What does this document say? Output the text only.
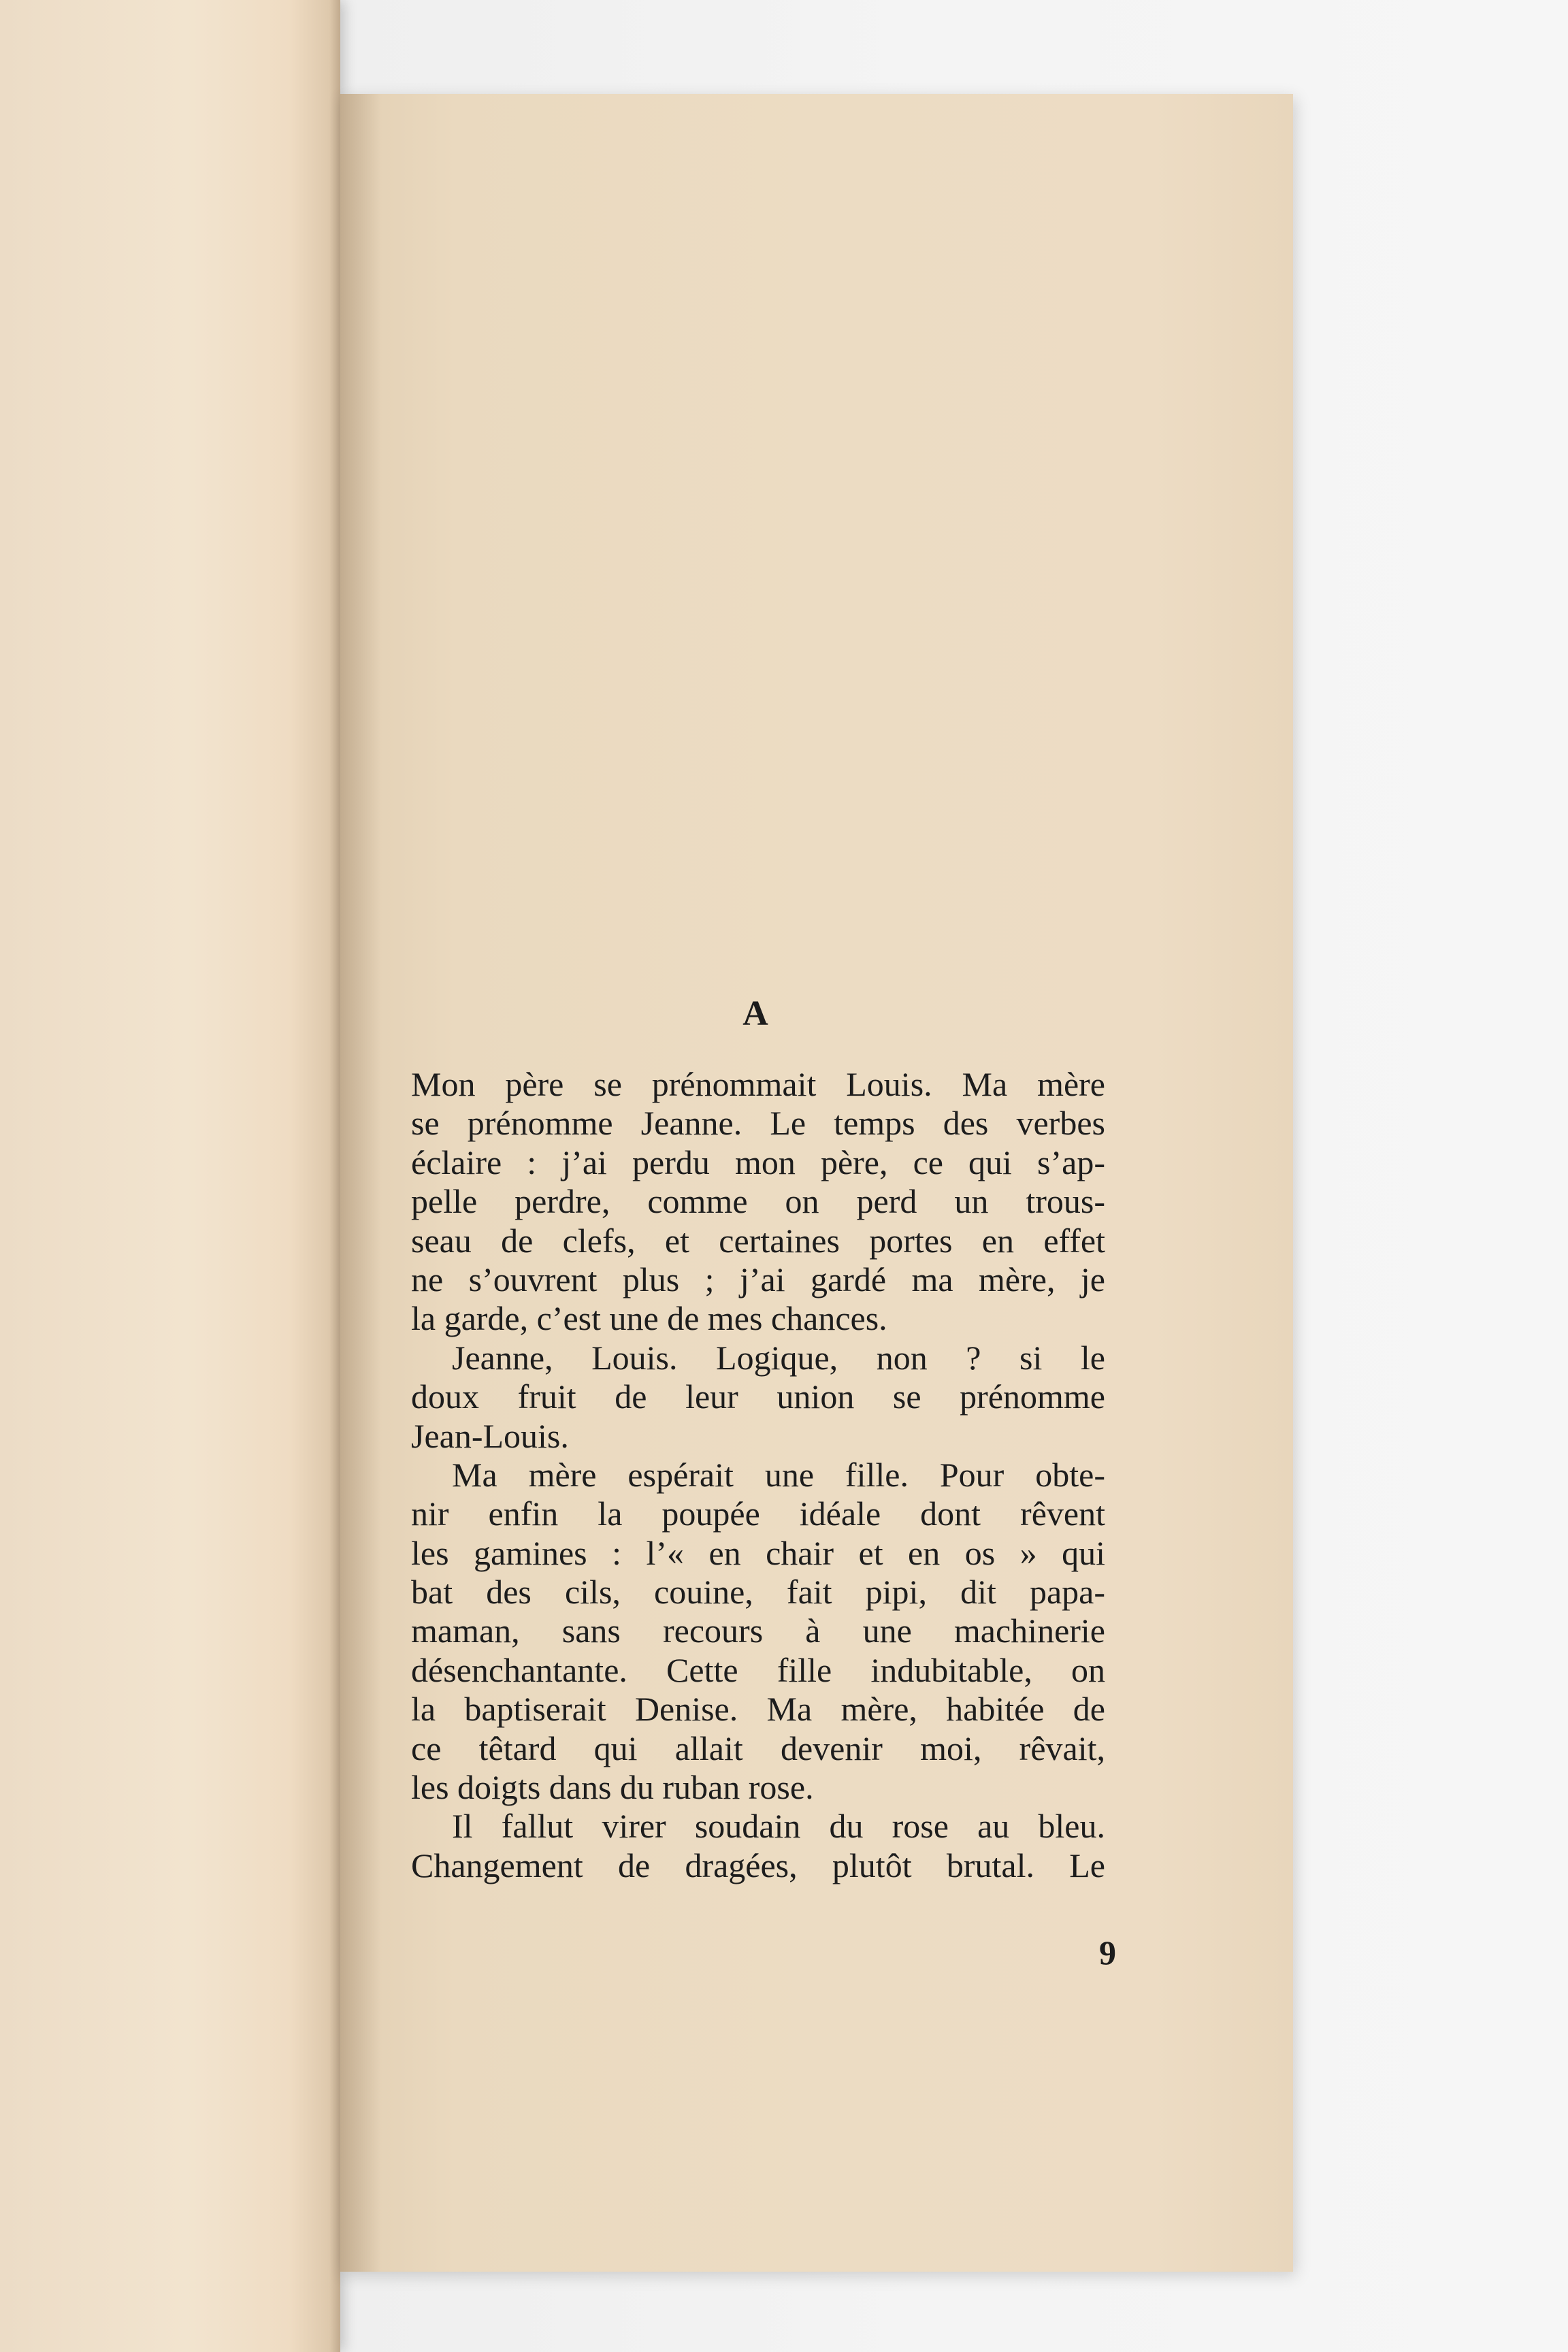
A
Mon père se prénommait Louis. Ma mère
se prénomme Jeanne. Le temps des verbes
éclaire : j’ai perdu mon père, ce qui s’ap-
pelle perdre, comme on perd un trous-
seau de clefs, et certaines portes en effet
ne s’ouvrent plus ; j’ai gardé ma mère, je
la garde, c’est une de mes chances.
Jeanne, Louis. Logique, non ? si le
doux fruit de leur union se prénomme
Jean-Louis.
Ma mère espérait une fille. Pour obte-
nir enfin la poupée idéale dont rêvent
les gamines : l’« en chair et en os » qui
bat des cils, couine, fait pipi, dit papa-
maman, sans recours à une machinerie
désenchantante. Cette fille indubitable, on
la baptiserait Denise. Ma mère, habitée de
ce têtard qui allait devenir moi, rêvait,
les doigts dans du ruban rose.
Il fallut virer soudain du rose au bleu.
Changement de dragées, plutôt brutal. Le
9
